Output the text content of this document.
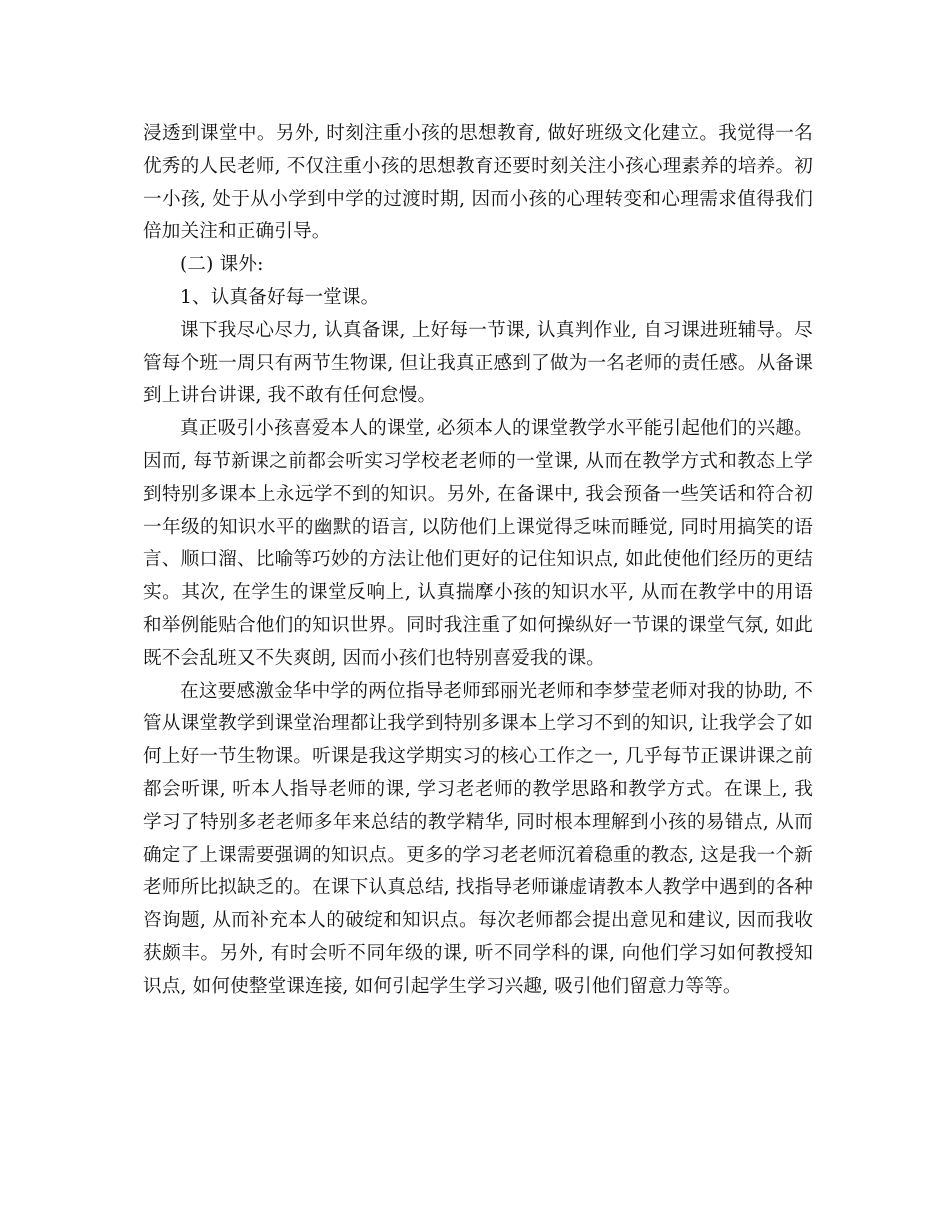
浸透到课堂中。另外, 时刻注重小孩的思想教育, 做好班级文化建立。我觉得一名优秀的人民老师, 不仅注重小孩的思想教育还要时刻关注小孩心理素养的培养。初一小孩, 处于从小学到中学的过渡时期, 因而小孩的心理转变和心理需求值得我们倍加关注和正确引导。

(二) 课外:

1、认真备好每一堂课。

课下我尽心尽力, 认真备课, 上好每一节课, 认真判作业, 自习课进班辅导。尽管每个班一周只有两节生物课, 但让我真正感到了做为一名老师的责任感。从备课到上讲台讲课, 我不敢有任何怠慢。

真正吸引小孩喜爱本人的课堂, 必须本人的课堂教学水平能引起他们的兴趣。因而, 每节新课之前都会听实习学校老老师的一堂课, 从而在教学方式和教态上学到特别多课本上永远学不到的知识。另外, 在备课中, 我会预备一些笑话和符合初一年级的知识水平的幽默的语言, 以防他们上课觉得乏味而睡觉, 同时用搞笑的语言、顺口溜、比喻等巧妙的方法让他们更好的记住知识点, 如此使他们经历的更结实。其次, 在学生的课堂反响上, 认真揣摩小孩的知识水平, 从而在教学中的用语和举例能贴合他们的知识世界。同时我注重了如何操纵好一节课的课堂气氛, 如此既不会乱班又不失爽朗, 因而小孩们也特别喜爱我的课。

在这要感激金华中学的两位指导老师郅丽光老师和李梦莹老师对我的协助, 不管从课堂教学到课堂治理都让我学到特别多课本上学习不到的知识, 让我学会了如何上好一节生物课。听课是我这学期实习的核心工作之一, 几乎每节正课讲课之前都会听课, 听本人指导老师的课, 学习老老师的教学思路和教学方式。在课上, 我学习了特别多老老师多年来总结的教学精华, 同时根本理解到小孩的易错点, 从而确定了上课需要强调的知识点。更多的学习老老师沉着稳重的教态, 这是我一个新老师所比拟缺乏的。在课下认真总结, 找指导老师谦虚请教本人教学中遇到的各种咨询题, 从而补充本人的破绽和知识点。每次老师都会提出意见和建议, 因而我收获颇丰。另外, 有时会听不同年级的课, 听不同学科的课, 向他们学习如何教授知识点, 如何使整堂课连接, 如何引起学生学习兴趣, 吸引他们留意力等等。
